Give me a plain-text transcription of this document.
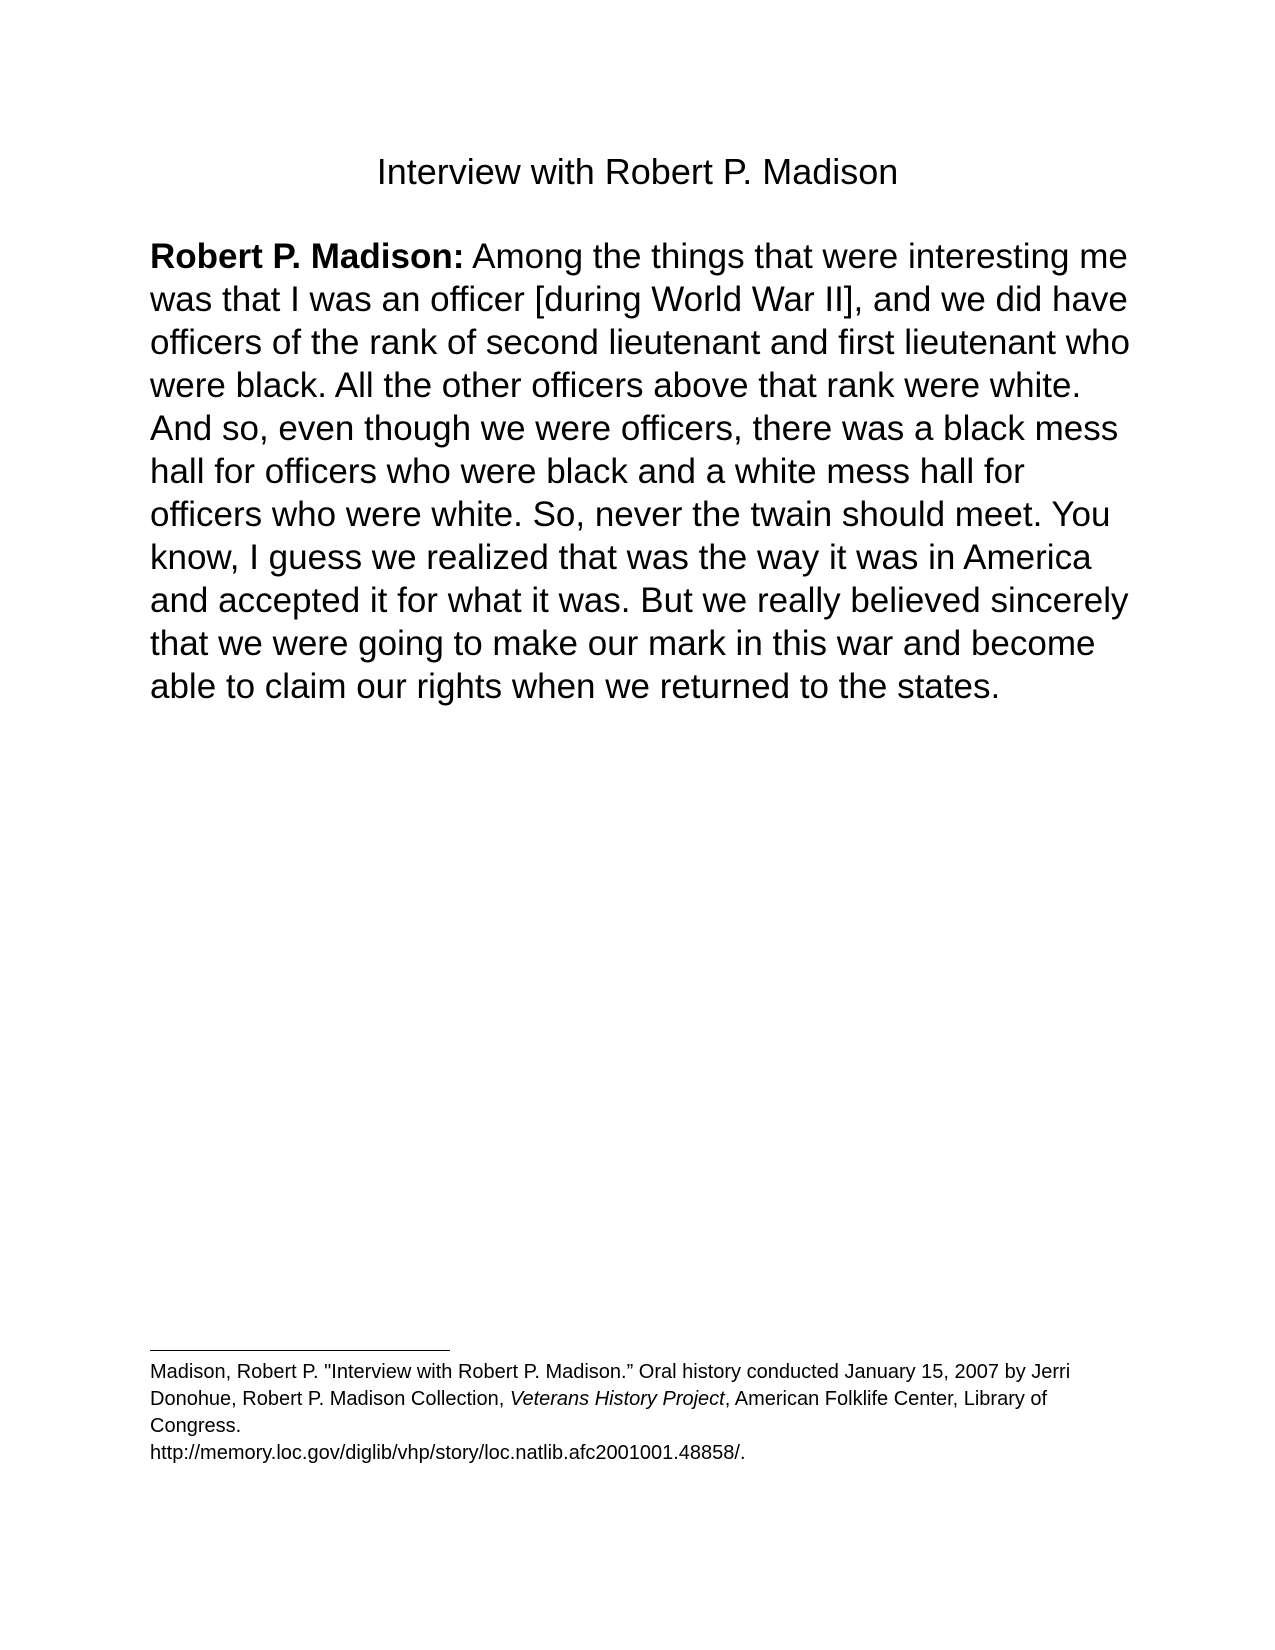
Interview with Robert P. Madison

Robert P. Madison: Among the things that were interesting me was that I was an officer [during World War II], and we did have officers of the rank of second lieutenant and first lieutenant who were black. All the other officers above that rank were white. And so, even though we were officers, there was a black mess hall for officers who were black and a white mess hall for officers who were white. So, never the twain should meet. You know, I guess we realized that was the way it was in America and accepted it for what it was. But we really believed sincerely that we were going to make our mark in this war and become able to claim our rights when we returned to the states.

Madison, Robert P. "Interview with Robert P. Madison.” Oral history conducted January 15, 2007 by Jerri Donohue, Robert P. Madison Collection, Veterans History Project, American Folklife Center, Library of Congress.
http://memory.loc.gov/diglib/vhp/story/loc.natlib.afc2001001.48858/.
